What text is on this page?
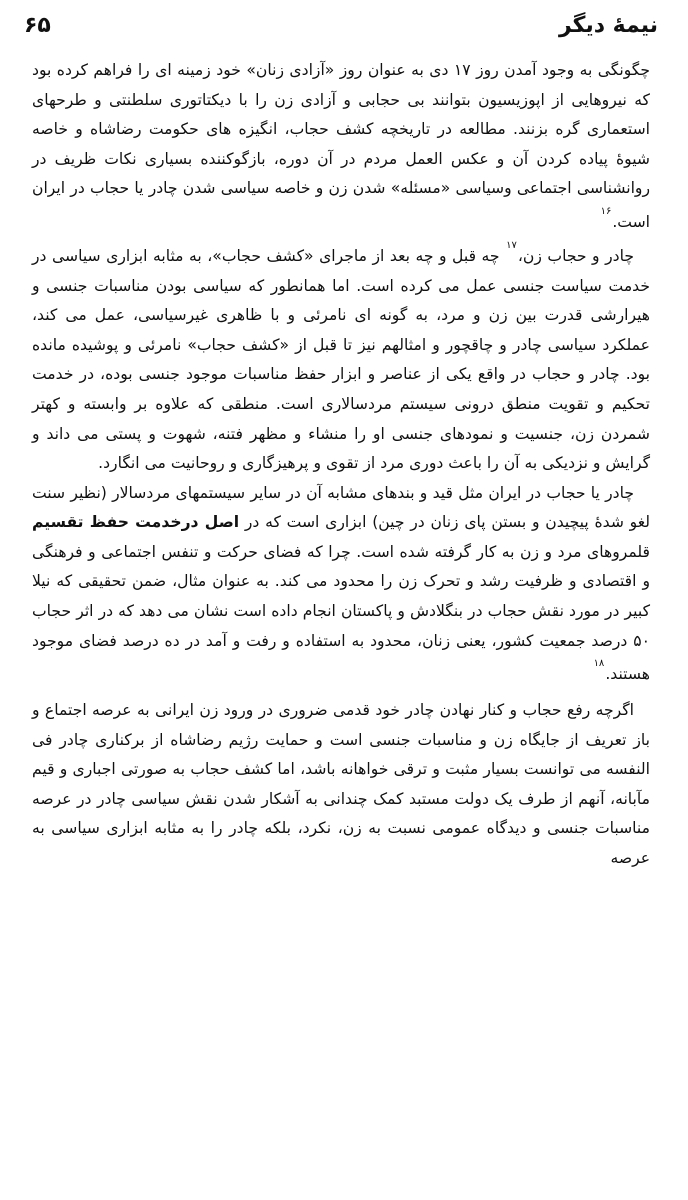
نیمهٔ دیگر
۶۵

چگونگی به وجود آمدن روز ۱۷ دی به عنوان روز «آزادی زنان» خود زمینه ای را فراهم کرده بود که نیروهایی از اپوزیسیون بتوانند بی حجابی و آزادی زن را با دیکتاتوری سلطنتی و طرحهای استعماری گره بزنند. مطالعه در تاریخچه کشف حجاب، انگیزه های حکومت رضاشاه و خاصه شیوهٔ پیاده کردن آن و عکس العمل مردم در آن دوره، بازگوکننده بسیاری نکات ظریف در روانشناسی اجتماعی وسیاسی «مسئله» شدن زن و خاصه سیاسی شدن چادر یا حجاب در ایران است.$^{۱۶}$

چادر و حجاب زن،$^{۱۷}$ چه قبل و چه بعد از ماجرای «کشف حجاب»، به مثابه ابزاری سیاسی در خدمت سیاست جنسی عمل می کرده است. اما همانطور که سیاسی بودن مناسبات جنسی و هیرارشی قدرت بین زن و مرد، به گونه ای نامرئی و با ظاهری غیرسیاسی، عمل می کند، عملکرد سیاسی چادر و چاقچور و امثالهم نیز تا قبل از «کشف حجاب» نامرئی و پوشیده مانده بود. چادر و حجاب در واقع یکی از عناصر و ابزار حفظ مناسبات موجود جنسی بوده، در خدمت تحکیم و تقویت منطق درونی سیستم مردسالاری است. منطقی که علاوه بر وابسته و کهتر شمردن زن، جنسیت و نمودهای جنسی او را منشاء و مظهر فتنه، شهوت و پستی می داند و گرایش و نزدیکی به آن را باعث دوری مرد از تقوی و پرهیزگاری و روحانیت می انگارد.

چادر یا حجاب در ایران مثل قید و بندهای مشابه آن در سایر سیستمهای مردسالار (نظیر سنت لغو شدهٔ پیچیدن و بستن پای زنان در چین) ابزاری است که در اصل درخدمت حفظ تقسیم قلمروهای مرد و زن به کار گرفته شده است. چرا که فضای حرکت و تنفس اجتماعی و فرهنگی و اقتصادی و ظرفیت رشد و تحرک زن را محدود می کند. به عنوان مثال، ضمن تحقیقی که نیلا کبیر در مورد نقش حجاب در بنگلادش و پاکستان انجام داده است نشان می دهد که در اثر حجاب ۵۰ درصد جمعیت کشور، یعنی زنان، محدود به استفاده و رفت و آمد در ده درصد فضای موجود هستند.$^{۱۸}$

اگرچه رفع حجاب و کنار نهادن چادر خود قدمی ضروری در ورود زن ایرانی به عرصه اجتماع و باز تعریف از جایگاه زن و مناسبات جنسی است و حمایت رژیم رضاشاه از برکناری چادر فی النفسه می توانست بسیار مثبت و ترقی خواهانه باشد، اما کشف حجاب به صورتی اجباری و قیم مآبانه، آنهم از طرف یک دولت مستبد کمک چندانی به آشکار شدن نقش سیاسی چادر در عرصه مناسبات جنسی و دیدگاه عمومی نسبت به زن، نکرد، بلکه چادر را به مثابه ابزاری سیاسی به عرصه
